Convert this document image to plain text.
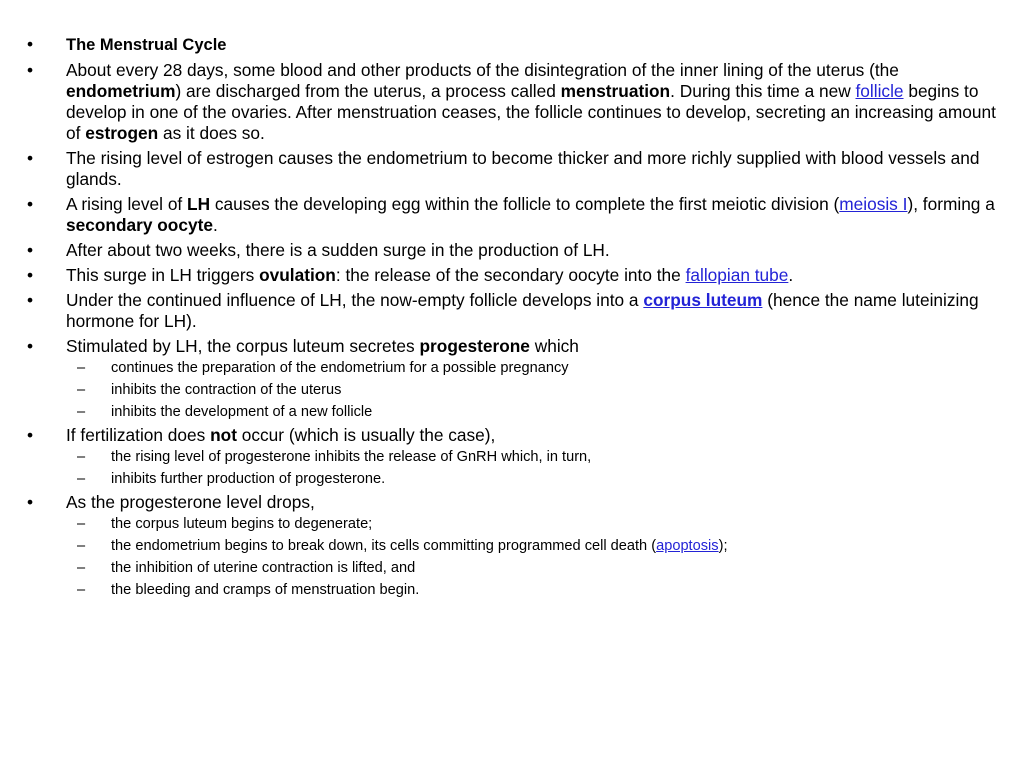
• The Menstrual Cycle
• About every 28 days, some blood and other products of the disintegration of the inner lining of the uterus (the endometrium) are discharged from the uterus, a process called menstruation. During this time a new follicle begins to develop in one of the ovaries. After menstruation ceases, the follicle continues to develop, secreting an increasing amount of estrogen as it does so.
• The rising level of estrogen causes the endometrium to become thicker and more richly supplied with blood vessels and glands.
• A rising level of LH causes the developing egg within the follicle to complete the first meiotic division (meiosis I), forming a secondary oocyte.
• After about two weeks, there is a sudden surge in the production of LH.
• This surge in LH triggers ovulation: the release of the secondary oocyte into the fallopian tube.
• Under the continued influence of LH, the now-empty follicle develops into a corpus luteum (hence the name luteinizing hormone for LH).
• Stimulated by LH, the corpus luteum secretes progesterone which
– continues the preparation of the endometrium for a possible pregnancy
– inhibits the contraction of the uterus
– inhibits the development of a new follicle
• If fertilization does not occur (which is usually the case),
– the rising level of progesterone inhibits the release of GnRH which, in turn,
– inhibits further production of progesterone.
• As the progesterone level drops,
– the corpus luteum begins to degenerate;
– the endometrium begins to break down, its cells committing programmed cell death (apoptosis);
– the inhibition of uterine contraction is lifted, and
– the bleeding and cramps of menstruation begin.
